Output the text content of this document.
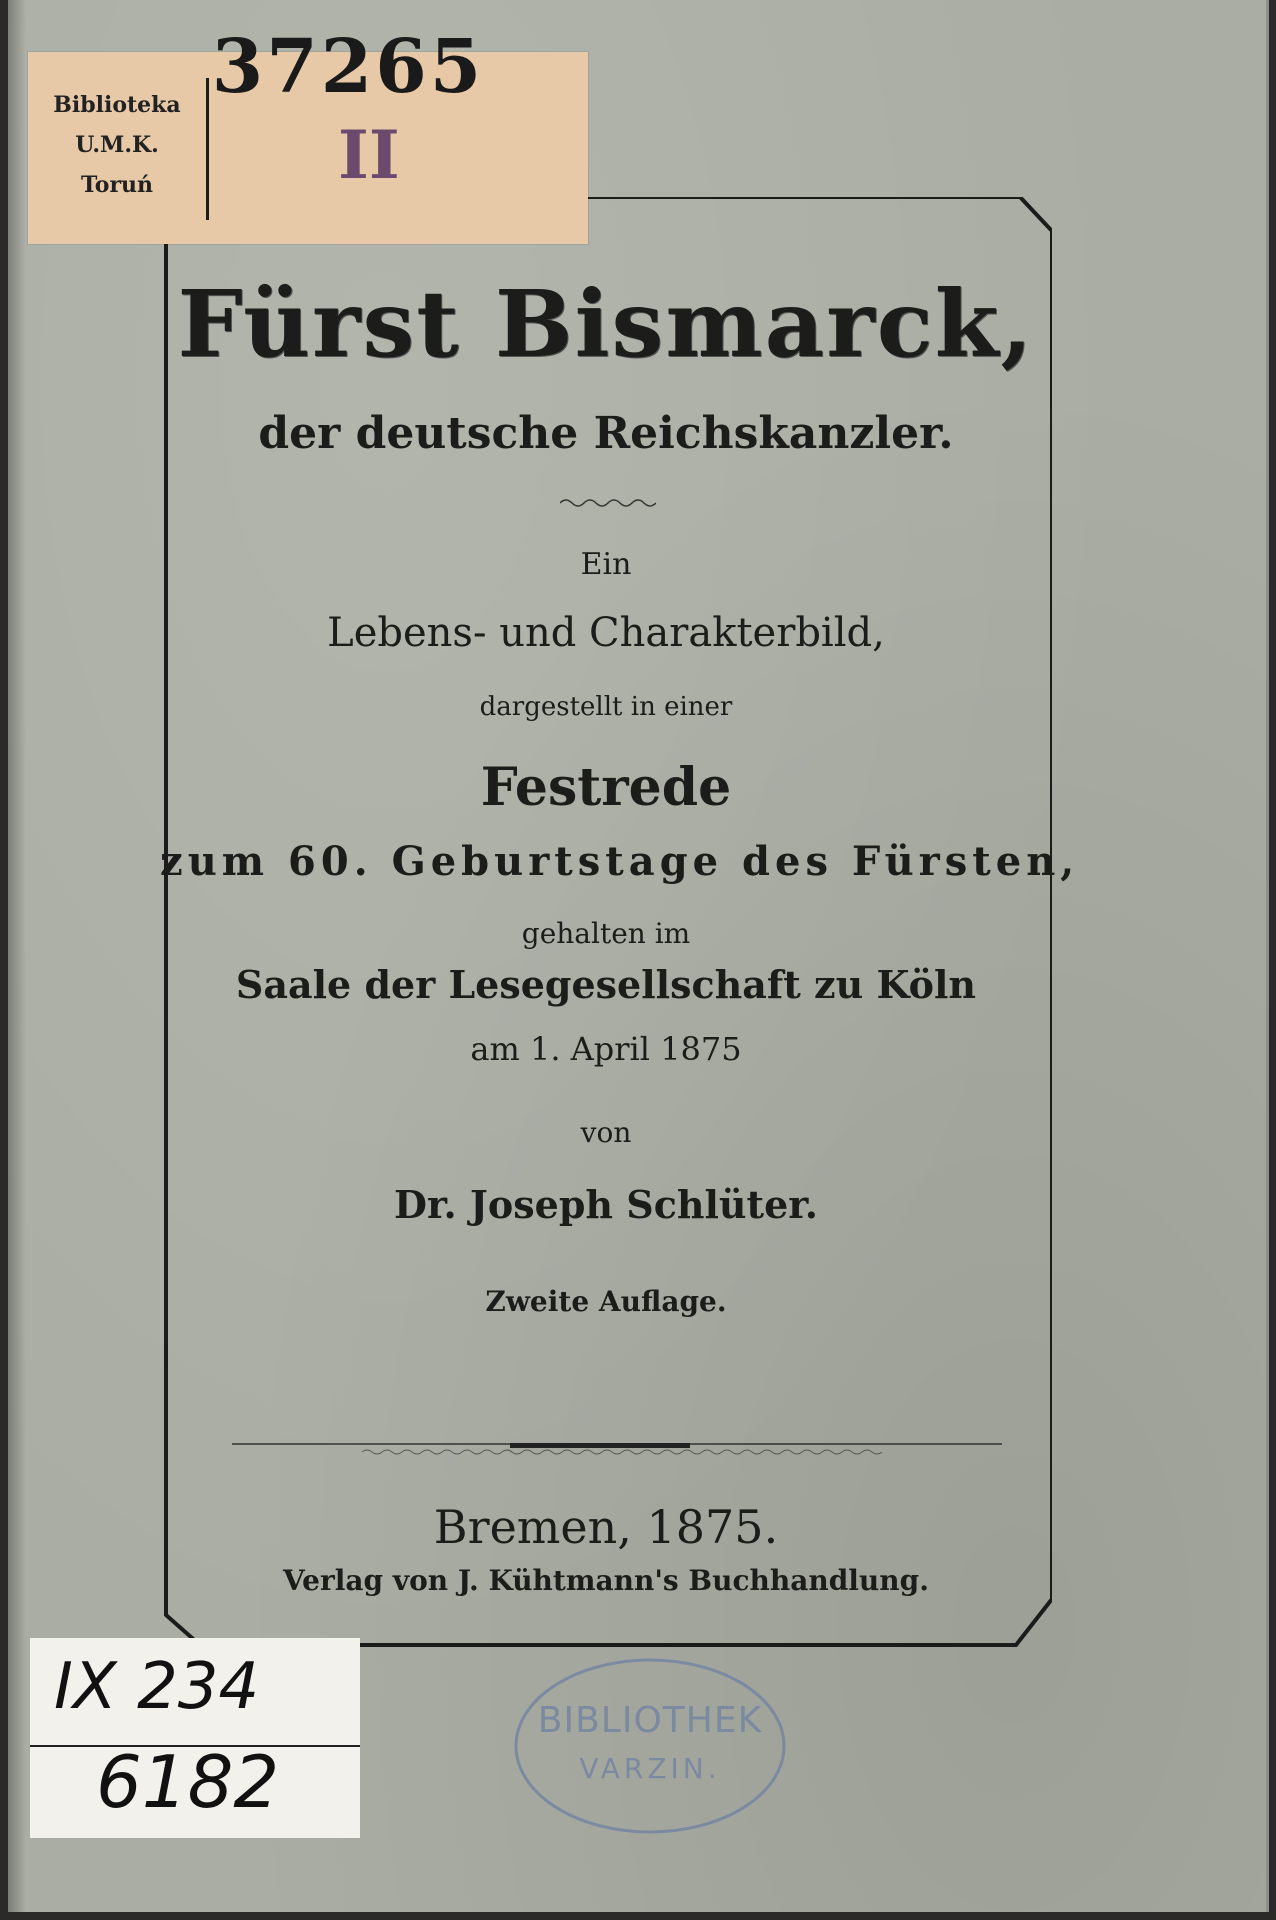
Fürst Bismarck,
der deutsche Reichskanzler.
Ein
Lebens- und Charakterbild,
dargestellt in einer
Festrede
zum 60. Geburtstage des Fürsten,
gehalten im
Saale der Lesegesellschaft zu Köln
am 1. April 1875
von
Dr. Joseph Schlüter.
Zweite Auflage.
Bremen, 1875.
Verlag von J. Kühtmann's Buchhandlung.
Biblioteka
U.M.K.
Toruń
37265
II
IX 234
6182
BIBLIOTHEK
VARZIN.
